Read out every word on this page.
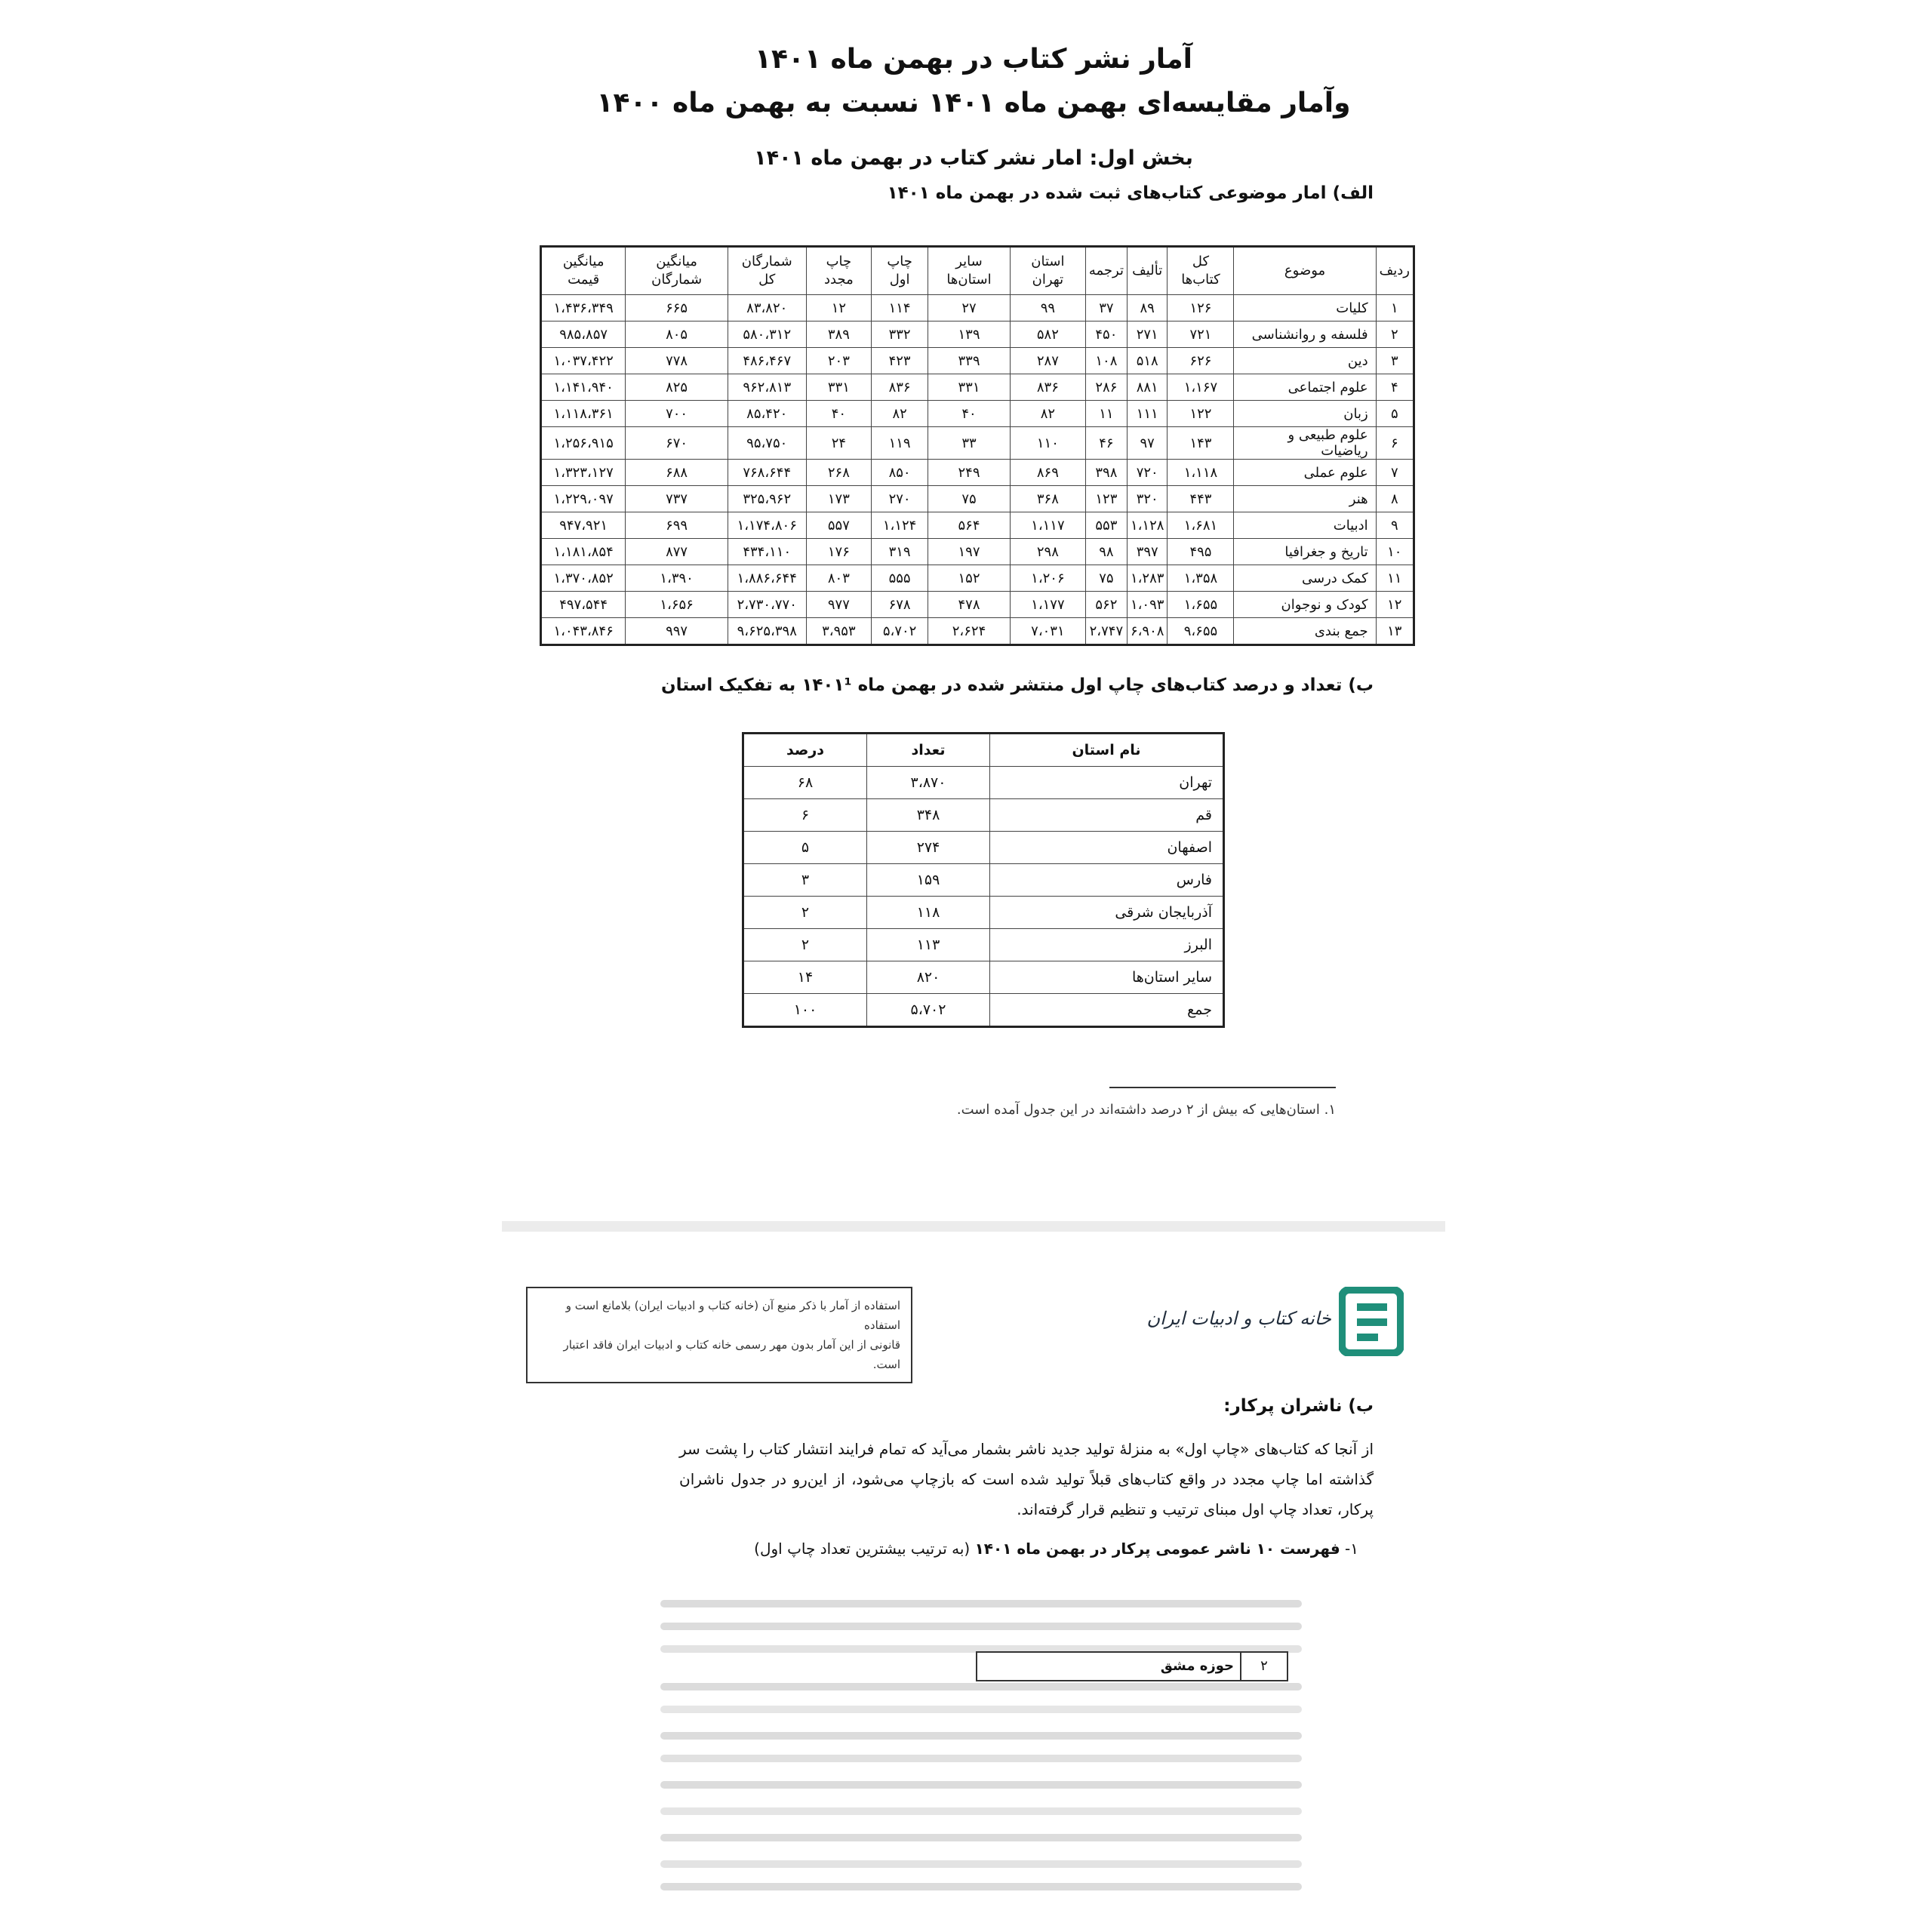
آمار نشر کتاب در بهمن ماه ۱۴۰۱
وآمار مقایسه‌ای بهمن ماه ۱۴۰۱ نسبت به بهمن ماه ۱۴۰۰
بخش اول: امار نشر کتاب در بهمن ماه ۱۴۰۱
الف) امار موضوعی کتاب‌های ثبت شده در بهمن ماه ۱۴۰۱
ردیف	موضوع	کل کتاب‌ها	تألیف	ترجمه	استان تهران	سایر استان‌ها	چاپ اول	چاپ مجدد	شمارگان کل	میانگین شمارگان	میانگین قیمت
۱	کلیات	۱۲۶	۸۹	۳۷	۹۹	۲۷	۱۱۴	۱۲	۸۳،۸۲۰	۶۶۵	۱،۴۳۶،۳۴۹
۲	فلسفه و روانشناسی	۷۲۱	۲۷۱	۴۵۰	۵۸۲	۱۳۹	۳۳۲	۳۸۹	۵۸۰،۳۱۲	۸۰۵	۹۸۵،۸۵۷
۳	دین	۶۲۶	۵۱۸	۱۰۸	۲۸۷	۳۳۹	۴۲۳	۲۰۳	۴۸۶،۴۶۷	۷۷۸	۱،۰۳۷،۴۲۲
۴	علوم اجتماعی	۱،۱۶۷	۸۸۱	۲۸۶	۸۳۶	۳۳۱	۸۳۶	۳۳۱	۹۶۲،۸۱۳	۸۲۵	۱،۱۴۱،۹۴۰
۵	زبان	۱۲۲	۱۱۱	۱۱	۸۲	۴۰	۸۲	۴۰	۸۵،۴۲۰	۷۰۰	۱،۱۱۸،۳۶۱
۶	علوم طبیعی و ریاضیات	۱۴۳	۹۷	۴۶	۱۱۰	۳۳	۱۱۹	۲۴	۹۵،۷۵۰	۶۷۰	۱،۲۵۶،۹۱۵
۷	علوم عملی	۱،۱۱۸	۷۲۰	۳۹۸	۸۶۹	۲۴۹	۸۵۰	۲۶۸	۷۶۸،۶۴۴	۶۸۸	۱،۳۲۳،۱۲۷
۸	هنر	۴۴۳	۳۲۰	۱۲۳	۳۶۸	۷۵	۲۷۰	۱۷۳	۳۲۵،۹۶۲	۷۳۷	۱،۲۲۹،۰۹۷
۹	ادبیات	۱،۶۸۱	۱،۱۲۸	۵۵۳	۱،۱۱۷	۵۶۴	۱،۱۲۴	۵۵۷	۱،۱۷۴،۸۰۶	۶۹۹	۹۴۷،۹۲۱
۱۰	تاریخ و جغرافیا	۴۹۵	۳۹۷	۹۸	۲۹۸	۱۹۷	۳۱۹	۱۷۶	۴۳۴،۱۱۰	۸۷۷	۱،۱۸۱،۸۵۴
۱۱	کمک درسی	۱،۳۵۸	۱،۲۸۳	۷۵	۱،۲۰۶	۱۵۲	۵۵۵	۸۰۳	۱،۸۸۶،۶۴۴	۱،۳۹۰	۱،۳۷۰،۸۵۲
۱۲	کودک و نوجوان	۱،۶۵۵	۱،۰۹۳	۵۶۲	۱،۱۷۷	۴۷۸	۶۷۸	۹۷۷	۲،۷۳۰،۷۷۰	۱،۶۵۶	۴۹۷،۵۴۴
۱۳	جمع بندی	۹،۶۵۵	۶،۹۰۸	۲،۷۴۷	۷،۰۳۱	۲،۶۲۴	۵،۷۰۲	۳،۹۵۳	۹،۶۲۵،۳۹۸	۹۹۷	۱،۰۴۳،۸۴۶
ب) تعداد و درصد کتاب‌های چاپ اول منتشر شده در بهمن ماه ۱۴۰۱¹ به تفکیک استان
نام استان	تعداد	درصد
تهران	۳،۸۷۰	۶۸
قم	۳۴۸	۶
اصفهان	۲۷۴	۵
فارس	۱۵۹	۳
آذربایجان شرقی	۱۱۸	۲
البرز	۱۱۳	۲
سایر استان‌ها	۸۲۰	۱۴
جمع	۵،۷۰۲	۱۰۰
۱. استان‌هایی که بیش از ۲ درصد داشته‌اند در این جدول آمده است.
استفاده از آمار با ذکر منبع آن (خانه کتاب و ادبیات ایران) بلامانع است و استفاده
قانونی از این آمار بدون مهر رسمی خانه کتاب و ادبیات ایران فاقد اعتبار است.
خانه کتاب و ادبیات ایران
ب) ناشران پرکار:
از آنجا که کتاب‌های «چاپ اول» به منزلهٔ تولید جدید ناشر بشمار می‌آید که تمام فرایند انتشار کتاب را پشت سر گذاشته اما چاپ مجدد در واقع کتاب‌های قبلاً تولید شده است که بازچاپ می‌شود، از این‌رو در جدول ناشران پرکار، تعداد چاپ اول مبنای ترتیب و تنظیم قرار گرفته‌اند.
۱- فهرست ۱۰ ناشر عمومی پرکار در بهمن ماه ۱۴۰۱ (به ترتیب بیشترین تعداد چاپ اول)
۲
حوزه مشق
